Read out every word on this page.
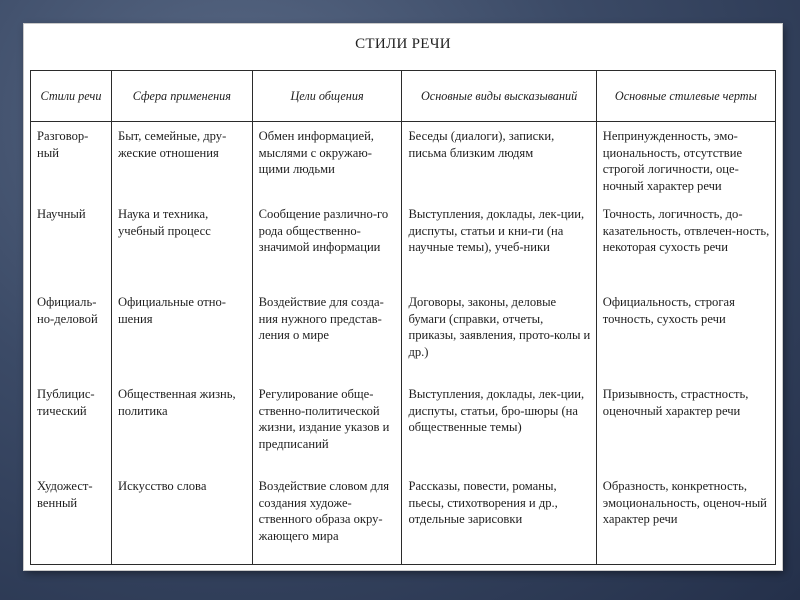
СТИЛИ РЕЧИ
Стили речи	Сфера применения	Цели общения	Основные виды высказываний	Основные стилевые черты
Разговор-ный	Быт, семейные, дру-жеские отношения	Обмен информацией, мыслями с окружаю-щими людьми	Беседы (диалоги), записки, письма близким людям	Непринужденность, эмо-циональность, отсутствие строгой логичности, оце-ночный характер речи
Научный	Наука и техника, учебный процесс	Сообщение различно-го рода общественно-значимой информации	Выступления, доклады, лек-ции, диспуты, статьи и кни-ги (на научные темы), учеб-ники	Точность, логичность, до-казательность, отвлечен-ность, некоторая сухость речи
Официаль-но-деловой	Официальные отно-шения	Воздействие для созда-ния нужного представ-ления о мире	Договоры, законы, деловые бумаги (справки, отчеты, приказы, заявления, прото-колы и др.)	Официальность, строгая точность, сухость речи
Публицис-тический	Общественная жизнь, политика	Регулирование обще-ственно-политической жизни, издание указов и предписаний	Выступления, доклады, лек-ции, диспуты, статьи, бро-шюры (на общественные темы)	Призывность, страстность, оценочный характер речи
Художест-венный	Искусство слова	Воздействие словом для создания художе-ственного образа окру-жающего мира	Рассказы, повести, романы, пьесы, стихотворения и др., отдельные зарисовки	Образность, конкретность, эмоциональность, оценоч-ный характер речи
